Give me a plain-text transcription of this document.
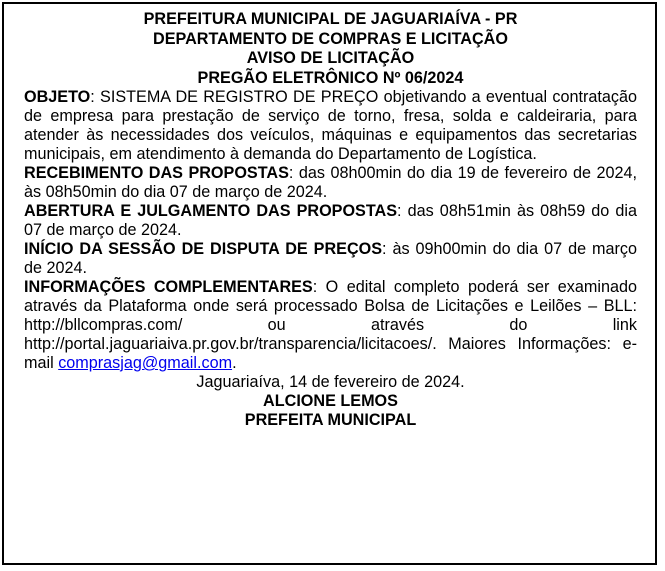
PREFEITURA MUNICIPAL DE JAGUARIAÍVA - PR
DEPARTAMENTO DE COMPRAS E LICITAÇÃO
AVISO DE LICITAÇÃO
PREGÃO ELETRÔNICO Nº 06/2024

OBJETO: SISTEMA DE REGISTRO DE PREÇO objetivando a eventual contratação de empresa para prestação de serviço de torno, fresa, solda e caldeiraria, para atender às necessidades dos veículos, máquinas e equipamentos das secretarias municipais, em atendimento à demanda do Departamento de Logística.

RECEBIMENTO DAS PROPOSTAS: das 08h00min do dia 19 de fevereiro de 2024, às 08h50min do dia 07 de março de 2024.

ABERTURA E JULGAMENTO DAS PROPOSTAS: das 08h51min às 08h59 do dia 07 de março de 2024.

INÍCIO DA SESSÃO DE DISPUTA DE PREÇOS: às 09h00min do dia 07 de março de 2024.

INFORMAÇÕES COMPLEMENTARES: O edital completo poderá ser examinado através da Plataforma onde será processado Bolsa de Licitações e Leilões – BLL: http://bllcompras.com/ ou através do link http://portal.jaguariaiva.pr.gov.br/transparencia/licitacoes/. Maiores Informações: e-mail comprasjag@gmail.com.

Jaguariaíva, 14 de fevereiro de 2024.
ALCIONE LEMOS
PREFEITA MUNICIPAL
